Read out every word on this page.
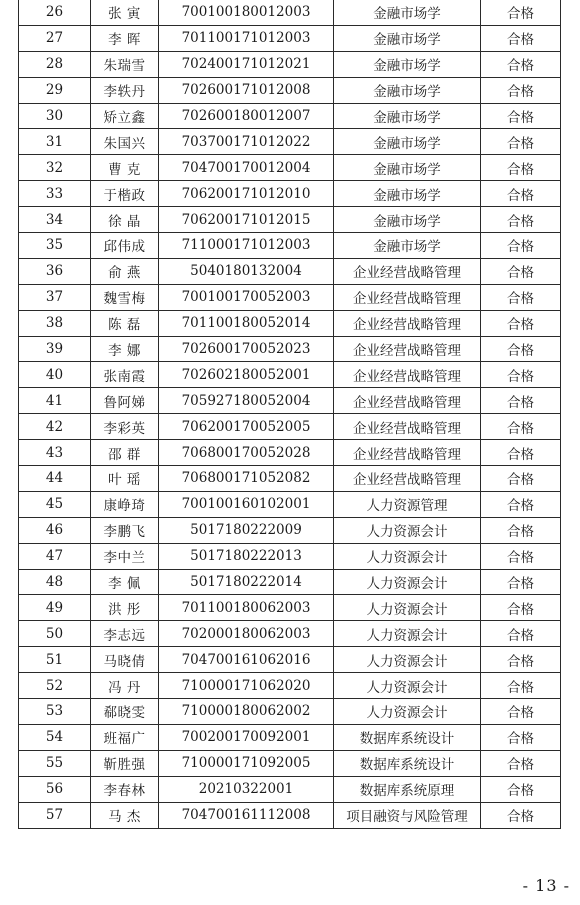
26	张 寅	700100180012003	金融市场学	合格
27	李 晖	701100171012003	金融市场学	合格
28	朱瑞雪	702400171012021	金融市场学	合格
29	李轶丹	702600171012008	金融市场学	合格
30	矫立鑫	702600180012007	金融市场学	合格
31	朱国兴	703700171012022	金融市场学	合格
32	曹 克	704700170012004	金融市场学	合格
33	于楷政	706200171012010	金融市场学	合格
34	徐 晶	706200171012015	金融市场学	合格
35	邱伟成	711000171012003	金融市场学	合格
36	俞 燕	5040180132004	企业经营战略管理	合格
37	魏雪梅	700100170052003	企业经营战略管理	合格
38	陈 磊	701100180052014	企业经营战略管理	合格
39	李 娜	702600170052023	企业经营战略管理	合格
40	张南霞	702602180052001	企业经营战略管理	合格
41	鲁阿娣	705927180052004	企业经营战略管理	合格
42	李彩英	706200170052005	企业经营战略管理	合格
43	邵 群	706800170052028	企业经营战略管理	合格
44	叶 瑶	706800171052082	企业经营战略管理	合格
45	康峥琦	700100160102001	人力资源管理	合格
46	李鹏飞	5017180222009	人力资源会计	合格
47	李中兰	5017180222013	人力资源会计	合格
48	李 佩	5017180222014	人力资源会计	合格
49	洪 彤	701100180062003	人力资源会计	合格
50	李志远	702000180062003	人力资源会计	合格
51	马晓倩	704700161062016	人力资源会计	合格
52	冯 丹	710000171062020	人力资源会计	合格
53	郗晓雯	710000180062002	人力资源会计	合格
54	班福广	700200170092001	数据库系统设计	合格
55	靳胜强	710000171092005	数据库系统设计	合格
56	李春林	20210322001	数据库系统原理	合格
57	马 杰	704700161112008	项目融资与风险管理	合格
- 13 -
